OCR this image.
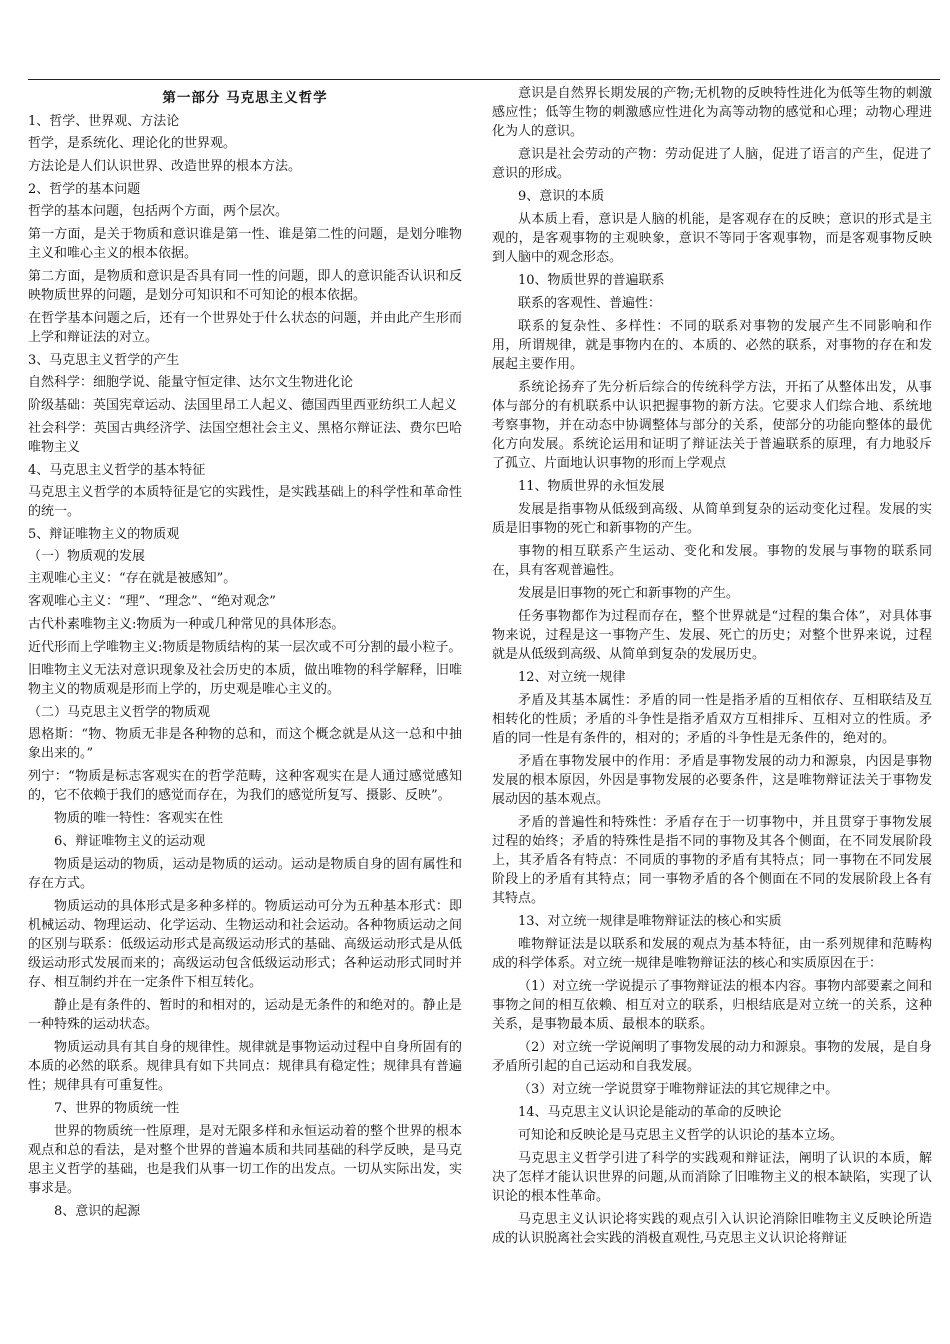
第一部分 马克思主义哲学

1、哲学、世界观、方法论

哲学，是系统化、理论化的世界观。

方法论是人们认识世界、改造世界的根本方法。

2、哲学的基本问题

哲学的基本问题，包括两个方面，两个层次。

第一方面，是关于物质和意识谁是第一性、谁是第二性的问题，是划分唯物主义和唯心主义的根本依据。

第二方面，是物质和意识是否具有同一性的问题，即人的意识能否认识和反映物质世界的问题，是划分可知识和不可知论的根本依据。

在哲学基本问题之后，还有一个世界处于什么状态的问题，并由此产生形而上学和辩证法的对立。

3、马克思主义哲学的产生

自然科学：细胞学说、能量守恒定律、达尔文生物进化论

阶级基础：英国宪章运动、法国里昂工人起义、德国西里西亚纺织工人起义

社会科学：英国古典经济学、法国空想社会主义、黑格尔辩证法、费尔巴哈唯物主义

4、马克思主义哲学的基本特征

马克思主义哲学的本质特征是它的实践性，是实践基础上的科学性和革命性的统一。

5、辩证唯物主义的物质观

（一）物质观的发展

主观唯心主义：“存在就是被感知”。

客观唯心主义：“理”、“理念”、“绝对观念”

古代朴素唯物主义:物质为一种或几种常见的具体形态。

近代形而上学唯物主义:物质是物质结构的某一层次或不可分割的最小粒子。

旧唯物主义无法对意识现象及社会历史的本质，做出唯物的科学解释，旧唯物主义的物质观是形而上学的，历史观是唯心主义的。

（二）马克思主义哲学的物质观

恩格斯：“物、物质无非是各种物的总和，而这个概念就是从这一总和中抽象出来的。”

列宁：“物质是标志客观实在的哲学范畴，这种客观实在是人通过感觉感知的，它不依赖于我们的感觉而存在，为我们的感觉所复写、摄影、反映”。

物质的唯一特性：客观实在性

6、辩证唯物主义的运动观

物质是运动的物质，运动是物质的运动。运动是物质自身的固有属性和存在方式。

物质运动的具体形式是多种多样的。物质运动可分为五种基本形式：即机械运动、物理运动、化学运动、生物运动和社会运动。各种物质运动之间的区别与联系：低级运动形式是高级运动形式的基础、高级运动形式是从低级运动形式发展而来的；高级运动包含低级运动形式；各种运动形式同时并存、相互制约并在一定条件下相互转化。

静止是有条件的、暂时的和相对的，运动是无条件的和绝对的。静止是一种特殊的运动状态。

物质运动具有其自身的规律性。规律就是事物运动过程中自身所固有的本质的必然的联系。规律具有如下共同点：规律具有稳定性；规律具有普遍性；规律具有可重复性。

7、世界的物质统一性

世界的物质统一性原理，是对无限多样和永恒运动着的整个世界的根本观点和总的看法，是对整个世界的普遍本质和共同基础的科学反映，是马克思主义哲学的基础，也是我们从事一切工作的出发点。一切从实际出发，实事求是。

8、意识的起源

意识是自然界长期发展的产物;无机物的反映特性进化为低等生物的刺激感应性；低等生物的刺激感应性进化为高等动物的感觉和心理；动物心理进化为人的意识。

意识是社会劳动的产物：劳动促进了人脑，促进了语言的产生，促进了意识的形成。

9、意识的本质

从本质上看，意识是人脑的机能，是客观存在的反映；意识的形式是主观的，是客观事物的主观映象，意识不等同于客观事物，而是客观事物反映到人脑中的观念形态。

10、物质世界的普遍联系

联系的客观性、普遍性：

联系的复杂性、多样性：不同的联系对事物的发展产生不同影响和作用，所谓规律，就是事物内在的、本质的、必然的联系，对事物的存在和发展起主要作用。

系统论扬弃了先分析后综合的传统科学方法，开拓了从整体出发，从事体与部分的有机联系中认识把握事物的新方法。它要求人们综合地、系统地考察事物，并在动态中协调整体与部分的关系，使部分的功能向整体的最优化方向发展。系统论运用和证明了辩证法关于普遍联系的原理，有力地驳斥了孤立、片面地认识事物的形而上学观点

11、物质世界的永恒发展

发展是指事物从低级到高级、从简单到复杂的运动变化过程。发展的实质是旧事物的死亡和新事物的产生。

事物的相互联系产生运动、变化和发展。事物的发展与事物的联系同在，具有客观普遍性。

发展是旧事物的死亡和新事物的产生。

任务事物都作为过程而存在，整个世界就是“过程的集合体”，对具体事物来说，过程是这一事物产生、发展、死亡的历史；对整个世界来说，过程就是从低级到高级、从简单到复杂的发展历史。

12、对立统一规律

矛盾及其基本属性：矛盾的同一性是指矛盾的互相依存、互相联结及互相转化的性质；矛盾的斗争性是指矛盾双方互相排斥、互相对立的性质。矛盾的同一性是有条件的，相对的；矛盾的斗争性是无条件的，绝对的。

矛盾在事物发展中的作用：矛盾是事物发展的动力和源泉，内因是事物发展的根本原因，外因是事物发展的必要条件，这是唯物辩证法关于事物发展动因的基本观点。

矛盾的普遍性和特殊性：矛盾存在于一切事物中，并且贯穿于事物发展过程的始终；矛盾的特殊性是指不同的事物及其各个侧面，在不同发展阶段上，其矛盾各有特点：不同质的事物的矛盾有其特点；同一事物在不同发展阶段上的矛盾有其特点；同一事物矛盾的各个侧面在不同的发展阶段上各有其特点。

13、对立统一规律是唯物辩证法的核心和实质

唯物辩证法是以联系和发展的观点为基本特征，由一系列规律和范畴构成的科学体系。对立统一规律是唯物辩证法的核心和实质原因在于：

（1）对立统一学说提示了事物辩证法的根本内容。事物内部要素之间和事物之间的相互依赖、相互对立的联系，归根结底是对立统一的关系，这种关系，是事物最本质、最根本的联系。

（2）对立统一学说阐明了事物发展的动力和源泉。事物的发展，是自身矛盾所引起的自己运动和自我发展。

（3）对立统一学说贯穿于唯物辩证法的其它规律之中。

14、马克思主义认识论是能动的革命的反映论

可知论和反映论是马克思主义哲学的认识论的基本立场。

马克思主义哲学引进了科学的实践观和辩证法，阐明了认识的本质，解决了怎样才能认识世界的问题,从而消除了旧唯物主义的根本缺陷，实现了认识论的根本性革命。

马克思主义认识论将实践的观点引入认识论消除旧唯物主义反映论所造成的认识脱离社会实践的消极直观性,马克思主义认识论将辩证
